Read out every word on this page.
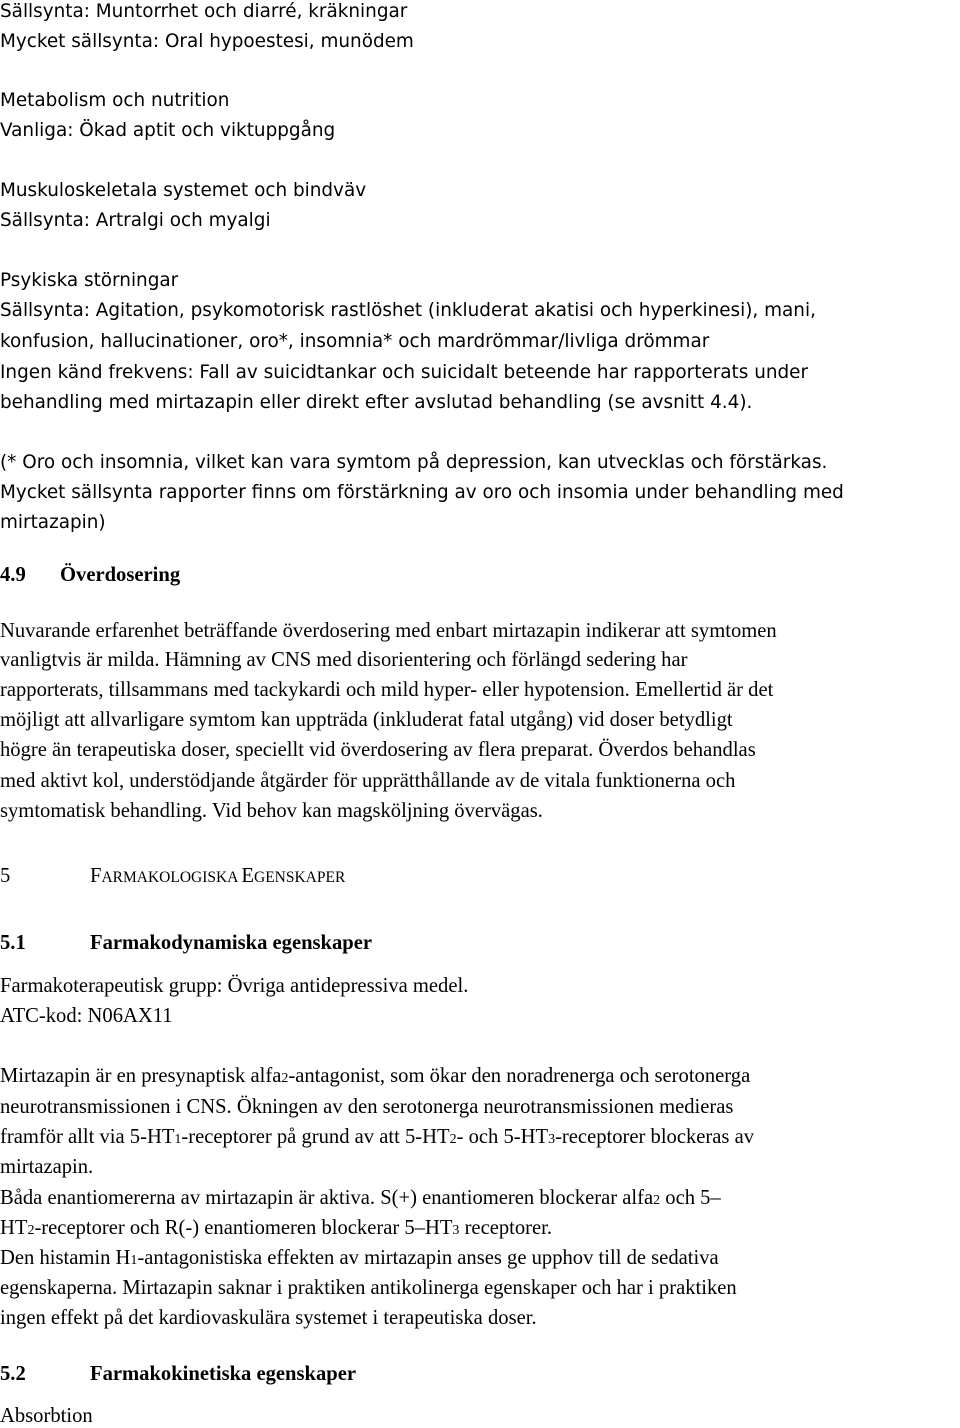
Sällsynta: Muntorrhet och diarré, kräkningar
Mycket sällsynta: Oral hypoestesi, munödem
Metabolism och nutrition
Vanliga: Ökad aptit och viktuppgång
Muskuloskeletala systemet och bindväv
Sällsynta: Artralgi och myalgi
Psykiska störningar
Sällsynta: Agitation, psykomotorisk rastlöshet (inkluderat akatisi och hyperkinesi), mani,
konfusion, hallucinationer, oro*, insomnia* och mardrömmar/livliga drömmar
Ingen känd frekvens: Fall av suicidtankar och suicidalt beteende har rapporterats under
behandling med mirtazapin eller direkt efter avslutad behandling (se avsnitt 4.4).
(* Oro och insomnia, vilket kan vara symtom på depression, kan utvecklas och förstärkas.
Mycket sällsynta rapporter finns om förstärkning av oro och insomia under behandling med
mirtazapin)
4.9 Överdosering
Nuvarande erfarenhet beträffande överdosering med enbart mirtazapin indikerar att symtomen
vanligtvis är milda. Hämning av CNS med disorientering och förlängd sedering har
rapporterats, tillsammans med tackykardi och mild hyper- eller hypotension. Emellertid är det
möjligt att allvarligare symtom kan uppträda (inkluderat fatal utgång) vid doser betydligt
högre än terapeutiska doser, speciellt vid överdosering av flera preparat. Överdos behandlas
med aktivt kol, understödjande åtgärder för upprätthållande av de vitala funktionerna och
symtomatisk behandling. Vid behov kan magsköljning övervägas.
5	FARMAKOLOGISKA EGENSKAPER
5.1	Farmakodynamiska egenskaper
Farmakoterapeutisk grupp: Övriga antidepressiva medel.
ATC-kod: N06AX11
Mirtazapin är en presynaptisk alfa2-antagonist, som ökar den noradrenerga och serotonerga
neurotransmissionen i CNS. Ökningen av den serotonerga neurotransmissionen medieras
framför allt via 5-HT1-receptorer på grund av att 5-HT2- och 5-HT3-receptorer blockeras av
mirtazapin.
Båda enantiomererna av mirtazapin är aktiva. S(+) enantiomeren blockerar alfa2 och 5–
HT2-receptorer och R(-) enantiomeren blockerar 5–HT3 receptorer.
Den histamin H1-antagonistiska effekten av mirtazapin anses ge upphov till de sedativa
egenskaperna. Mirtazapin saknar i praktiken antikolinerga egenskaper och har i praktiken
ingen effekt på det kardiovaskulära systemet i terapeutiska doser.
5.2	Farmakokinetiska egenskaper
Absorbtion
